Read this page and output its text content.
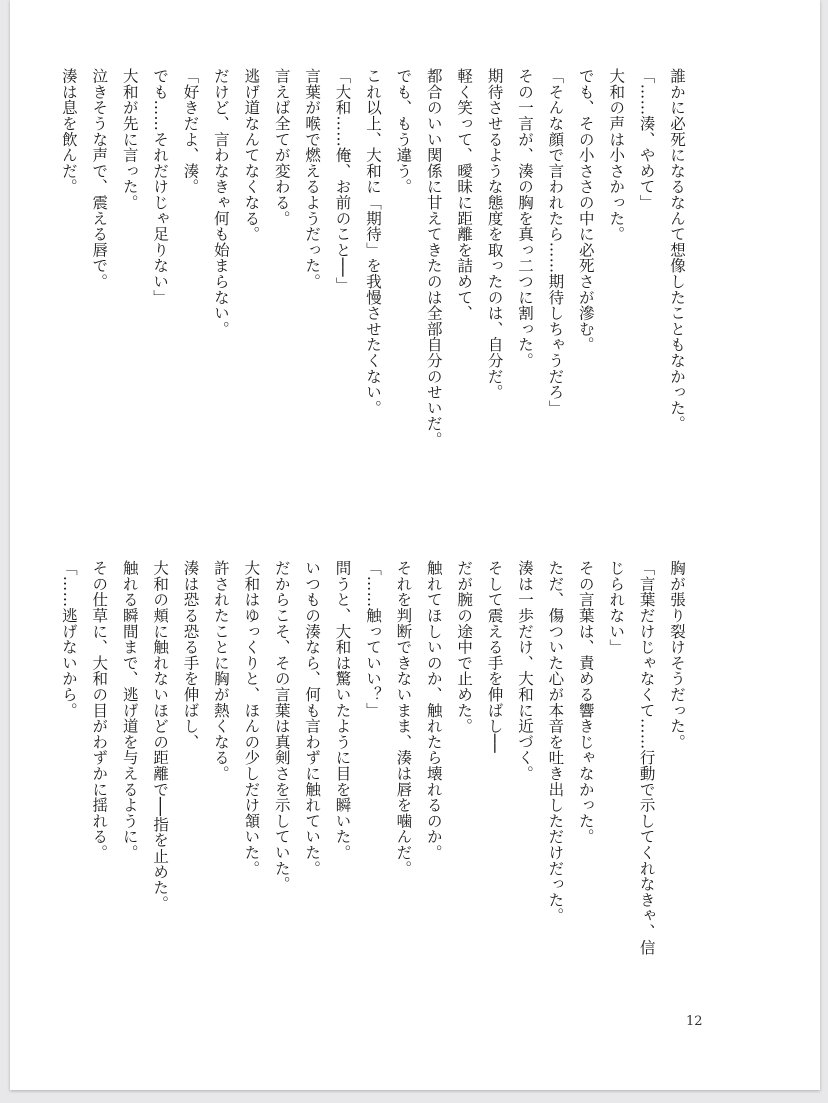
誰かに必死になるなんて想像したこともなかった。

「……湊、やめて」

大和の声は小さかった。

でも、その小ささの中に必死さが滲む。

「そんな顔で言われたら……期待しちゃうだろ」

その一言が、湊の胸を真っ二つに割った。

期待させるような態度を取ったのは、自分だ。

軽く笑って、曖昧に距離を詰めて、

都合のいい関係に甘えてきたのは全部自分のせいだ。

でも、もう違う。

これ以上、大和に「期待」を我慢させたくない。

「大和……俺、お前のこと──」

言葉が喉で燃えるようだった。

言えば全てが変わる。

逃げ道なんてなくなる。

だけど、言わなきゃ何も始まらない。

「好きだよ、湊。

でも……それだけじゃ足りない」

大和が先に言った。

泣きそうな声で、震える唇で。

湊は息を飲んだ。

胸が張り裂けそうだった。

「言葉だけじゃなくて……行動で示してくれなきゃ、信

じられない」

その言葉は、責める響きじゃなかった。

ただ、傷ついた心が本音を吐き出しただけだった。

湊は一歩だけ、大和に近づく。

そして震える手を伸ばし──

だが腕の途中で止めた。

触れてほしいのか、触れたら壊れるのか。

それを判断できないまま、湊は唇を噛んだ。

「……触っていい？」

問うと、大和は驚いたように目を瞬いた。

いつもの湊なら、何も言わずに触れていた。

だからこそ、その言葉は真剣さを示していた。

大和はゆっくりと、ほんの少しだけ頷いた。

許されたことに胸が熱くなる。

湊は恐る恐る手を伸ばし、

大和の頬に触れないほどの距離で──指を止めた。

触れる瞬間まで、逃げ道を与えるように。

その仕草に、大和の目がわずかに揺れる。

「……逃げないから。

12
